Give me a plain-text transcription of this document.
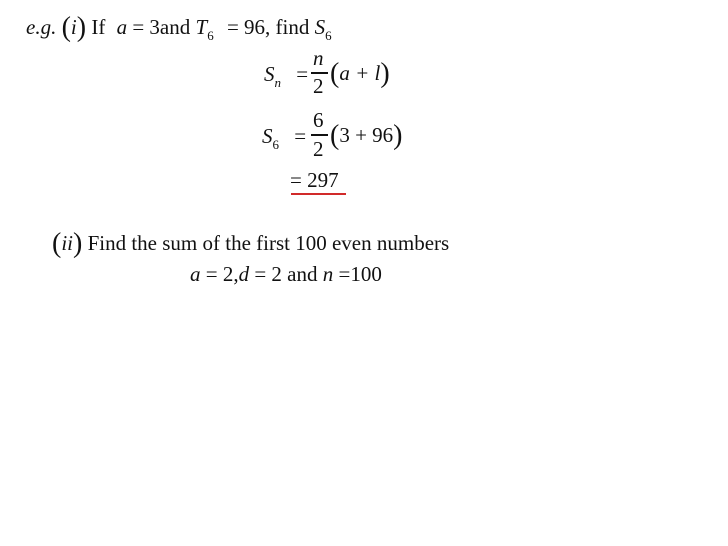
e.g. (i) If a = 3and $T_6 = 96$, find $S_6$
$S_n$ =
n
2 (a + l)
$S_6$ =
6
2 (3 + 96)
= 297
(ii) Find the sum of the first 100 even numbers
a = 2,d = 2 and n =100
